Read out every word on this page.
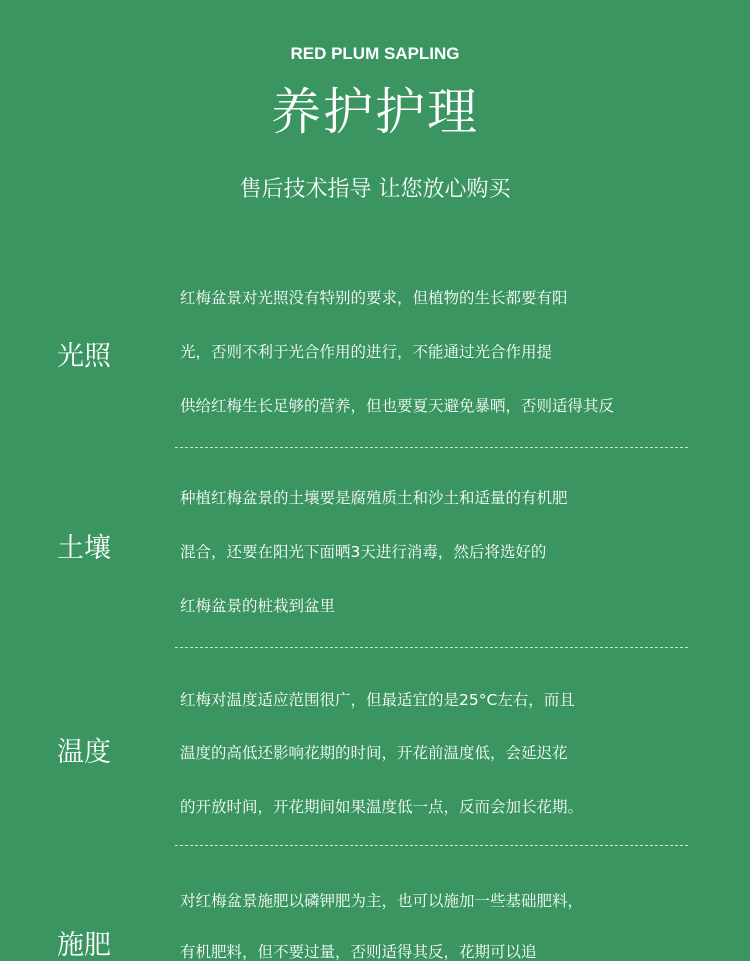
RED PLUM SAPLING
养护护理
售后技术指导 让您放心购买
光照
红梅盆景对光照没有特别的要求，但植物的生长都要有阳
光，否则不利于光合作用的进行，不能通过光合作用提
供给红梅生长足够的营养，但也要夏天避免暴晒，否则适得其反
土壤
种植红梅盆景的土壤要是腐殖质土和沙土和适量的有机肥
混合，还要在阳光下面晒3天进行消毒，然后将选好的
红梅盆景的桩栽到盆里
温度
红梅对温度适应范围很广，但最适宜的是25°C左右，而且
温度的高低还影响花期的时间，开花前温度低，会延迟花
的开放时间，开花期间如果温度低一点，反而会加长花期。
施肥
对红梅盆景施肥以磷钾肥为主，也可以施加一些基础肥料，
有机肥料，但不要过量，否则适得其反，花期可以追
